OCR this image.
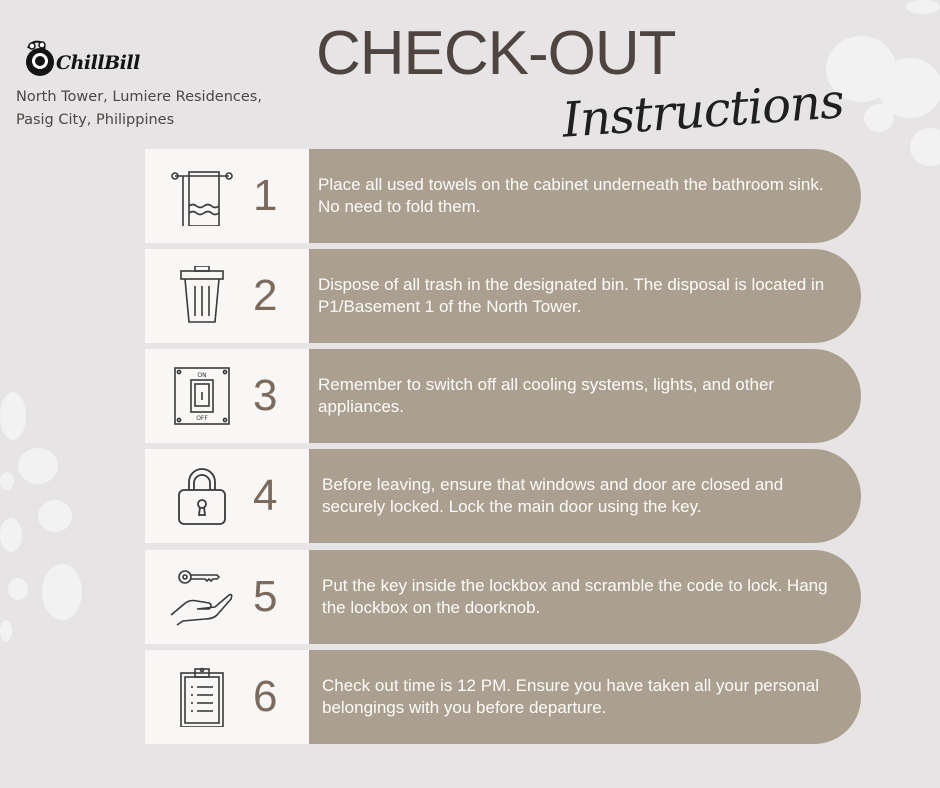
ChillBill
North Tower, Lumiere Residences,
Pasig City, Philippines
CHECK-OUT
Instructions
1 Place all used towels on the cabinet underneath the bathroom sink. No need to fold them.
2 Dispose of all trash in the designated bin. The disposal is located in P1/Basement 1 of the North Tower.
ON
OFF 3 Remember to switch off all cooling systems, lights, and other appliances.
4	Before leaving, ensure that windows and door are closed and securely locked. Lock the main door using the key.
5	Put the key inside the lockbox and scramble the code to lock. Hang the lockbox on the doorknob.
6	Check out time is 12 PM. Ensure you have taken all your personal belongings with you before departure.
